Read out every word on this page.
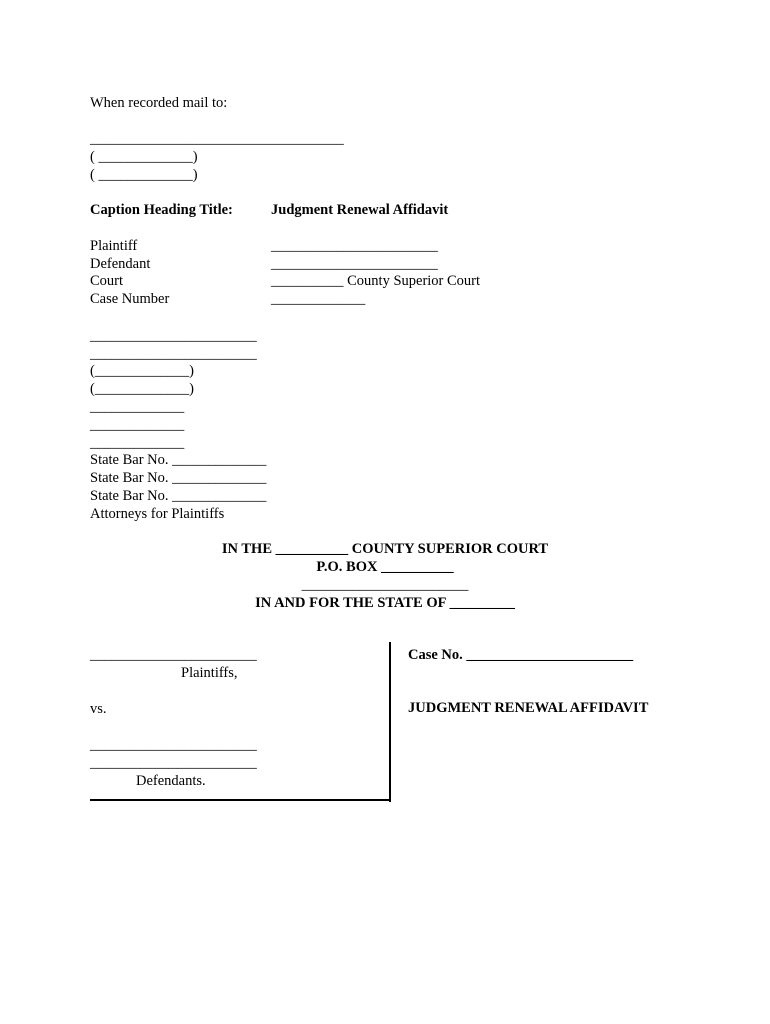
When recorded mail to:
___________________________________
( _____________)
( _____________)
Caption Heading Title:	Judgment Renewal Affidavit
Plaintiff	_______________________
Defendant	_______________________
Court	__________ County Superior Court
Case Number	_____________
_______________________
_______________________
(_____________)
(_____________)
_____________
_____________
_____________
State Bar No. _____________
State Bar No. _____________
State Bar No. _____________
Attorneys for Plaintiffs
IN THE __________ COUNTY SUPERIOR COURT
P.O. BOX __________
_______________________
IN AND FOR THE STATE OF _________
_______________________
Plaintiffs,
vs.
_______________________
_______________________
Defendants.
Case No. _______________________
JUDGMENT RENEWAL AFFIDAVIT
